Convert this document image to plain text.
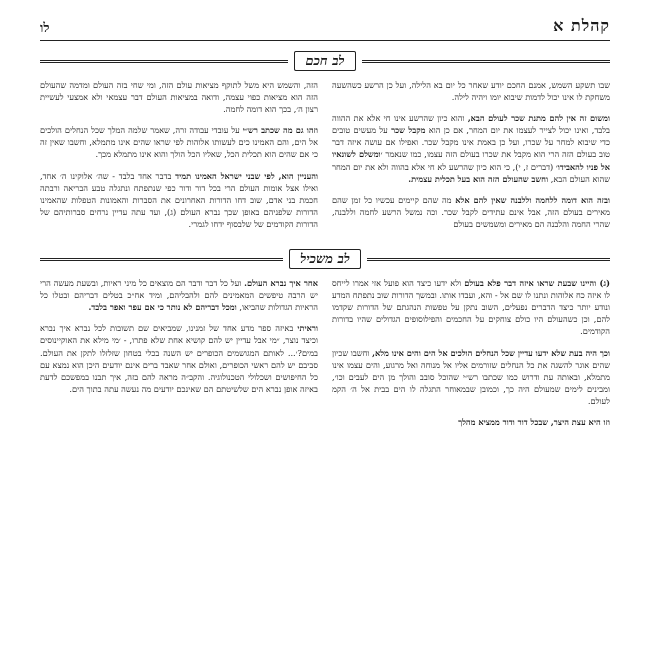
קהלת א
לו
לב חכם

שבו תשקע השמש, אמנם החכם יודע שאחר כל יום בא הלילה, ועל כן הרשע כשהשעה משחקת לו אינו יכול לדמות שיבוא יומו ויהיה לילה.

ומשום זה אין להם מתנת שכר לעולם הבא, והוא כיון שהרשע אינו חי אלא את ההווה בלבד, ואינו יכול לצייר לעצמו את יום המחר, אם כן הוא מקבל שכר על מעשים טובים כדי שיבוא למחר על שכרו, ועל כן באמת אינו מקבל שכר. ואפילו אם עושה איזה דבר טוב בעולם הזה הרי הוא מקבל את שכרו בעולם הזה עצמו, כמו שנאמר ׳ומשלם לשונאיו אל פניו להאבידו׳ (דברים ז, י), כי הוא כיון שהרשע לא חי אלא בהווה ולא את יום המחר שהוא העולם הבא, וחשב שהעולם הזה הוא בעל תכלית עצמית.

ובזה הוא דומה ללחמה וללבנה שאין להם אלא מה שהם קיימים עכשיו כל זמן שהם מאירים בעולם הזה, אבל אינם עתידים לקבל שכר. וכה נמשל הרשע לחמה וללבנה, שהרי החמה והלבנה הם מאירים ומשמשים בעולם

הזה, והשמש היא משל לתוקף מציאות עולם הזה, ומי שחי בזה העולם ומדמה שהעולם הזה הוא מציאות כפוי עצמה, ודואה במציאות העולם דבר עצמאי ולא אמצעי לעשיית רצון ה׳, בכך הוא דומה לחמה.

וזהו גם מה שכתב רש״י על עובדי עבודה זרה, שאמר שלמה המלך שכל הנחלים הולכים אל הים, והם האמינו כים לעשותו אלוהות לפי שראו שהים אינו מתמלא, וחשבו שאין זה כי אם שהים הוא תכלית הכל, שאליו הכל הולך והוא אינו מתמלא מכך.

והעניין הוא, לפי שבני ישראל האמינו תמיד בדבר אחד בלבד - שה׳ אלוקינו ה׳ אחד, ואילו אצל אומות העולם הרי בכל דור ודור כפי שנתפתח ונתגלה טבע הבריאה ורבתה חכמת בני אדם, שוב דחו הדורות האחרונים את הסברות והאמונות הטפלות שהאמינו הדורות שלפניהם באופן שכך נברא העולם (ג), ועד עתה עדיין נרחים סברותיהם של הדורות הקודמים של שלבסוף ידחו לגמרי.

לב משכיל

(ג) והיינו שבעת שראו איזה דבר פלא בעולם ולא ידעו כיצד הוא פועל אזי אמרו לייחס לו איזה כח אלוהות ונתנו לו שם אל - והא, ועבדו אותו. ובמשך הדורות שוב נתפתח המדע ונודע יותר כיצד הדברים נפעלים, השוב נתקן על טפשות הנהגתם של הדורות שקדמו להם, וכן כשהעולם היו כולם צוחקים על החכמים והפילוסופים הגדולים שהיו בדורות הקודמים.

וכך היה בעת שלא ידעו עדיין שכל הנחלים הולכים אל הים והים אינו מלא, וחשבו שכיון שהים אוגר להשגה את כל הנחלים שזורמים אליו אל מנוחה ואל מרגוע, והים עצמו אינו מתמלא, ובאותה עת ודרוש כמו שכתבו רש״י שהוכל סובב והולך מן הים לעבים וכו׳, ומבינים לימים שמעולם היה כך, וכמובן שבמאוחר התגלה לו הים בבית אל ה׳ הקמ לעולם.

וזו היא עצת היצר, שבכל דור ודור ממציא מהלך

אחר איך נברא העולם. ועל כל דבר ודבר הם מוצאים כל מיני ראיות, ובשעת מעשה הרי יש הרבה טיפשים המאמינים להם ולהבליהם, ומיד אח״כ בטלים דבריהם ובטלו כל הראיות הגדולות שהביאו, ומכל דבריהם לא נותר כי אם עפר ואפר בלבד.

וראיתי באיזה ספר מדע אחד של זמנינו, שמביאים שם תשובות לכל נברא איך נברא וכיצד נוצר, ״מי אבל עדיין יש להם קושיא אחת שלא פתרו, - ׳מי מילא את האוקיינוסים במים?׳... לאותם המגושמים הכופרים יש השנה בכלי בטחון שזלזלו לתקן את העולם. סביבם יש להם ראשי הכופרים, ואולם אחר שאבד ברים אינם יודעים היכן הוא נמצא עם כל החיפושים ושכלולי הטכנולוגיה. והקב״ה מראה להם בזה, איך תבנו במפשכם לדעת באיזה אופן נברא הים שלשיטתם הם שאינכם יודעים מה נעשה עתה בתוך הים.
